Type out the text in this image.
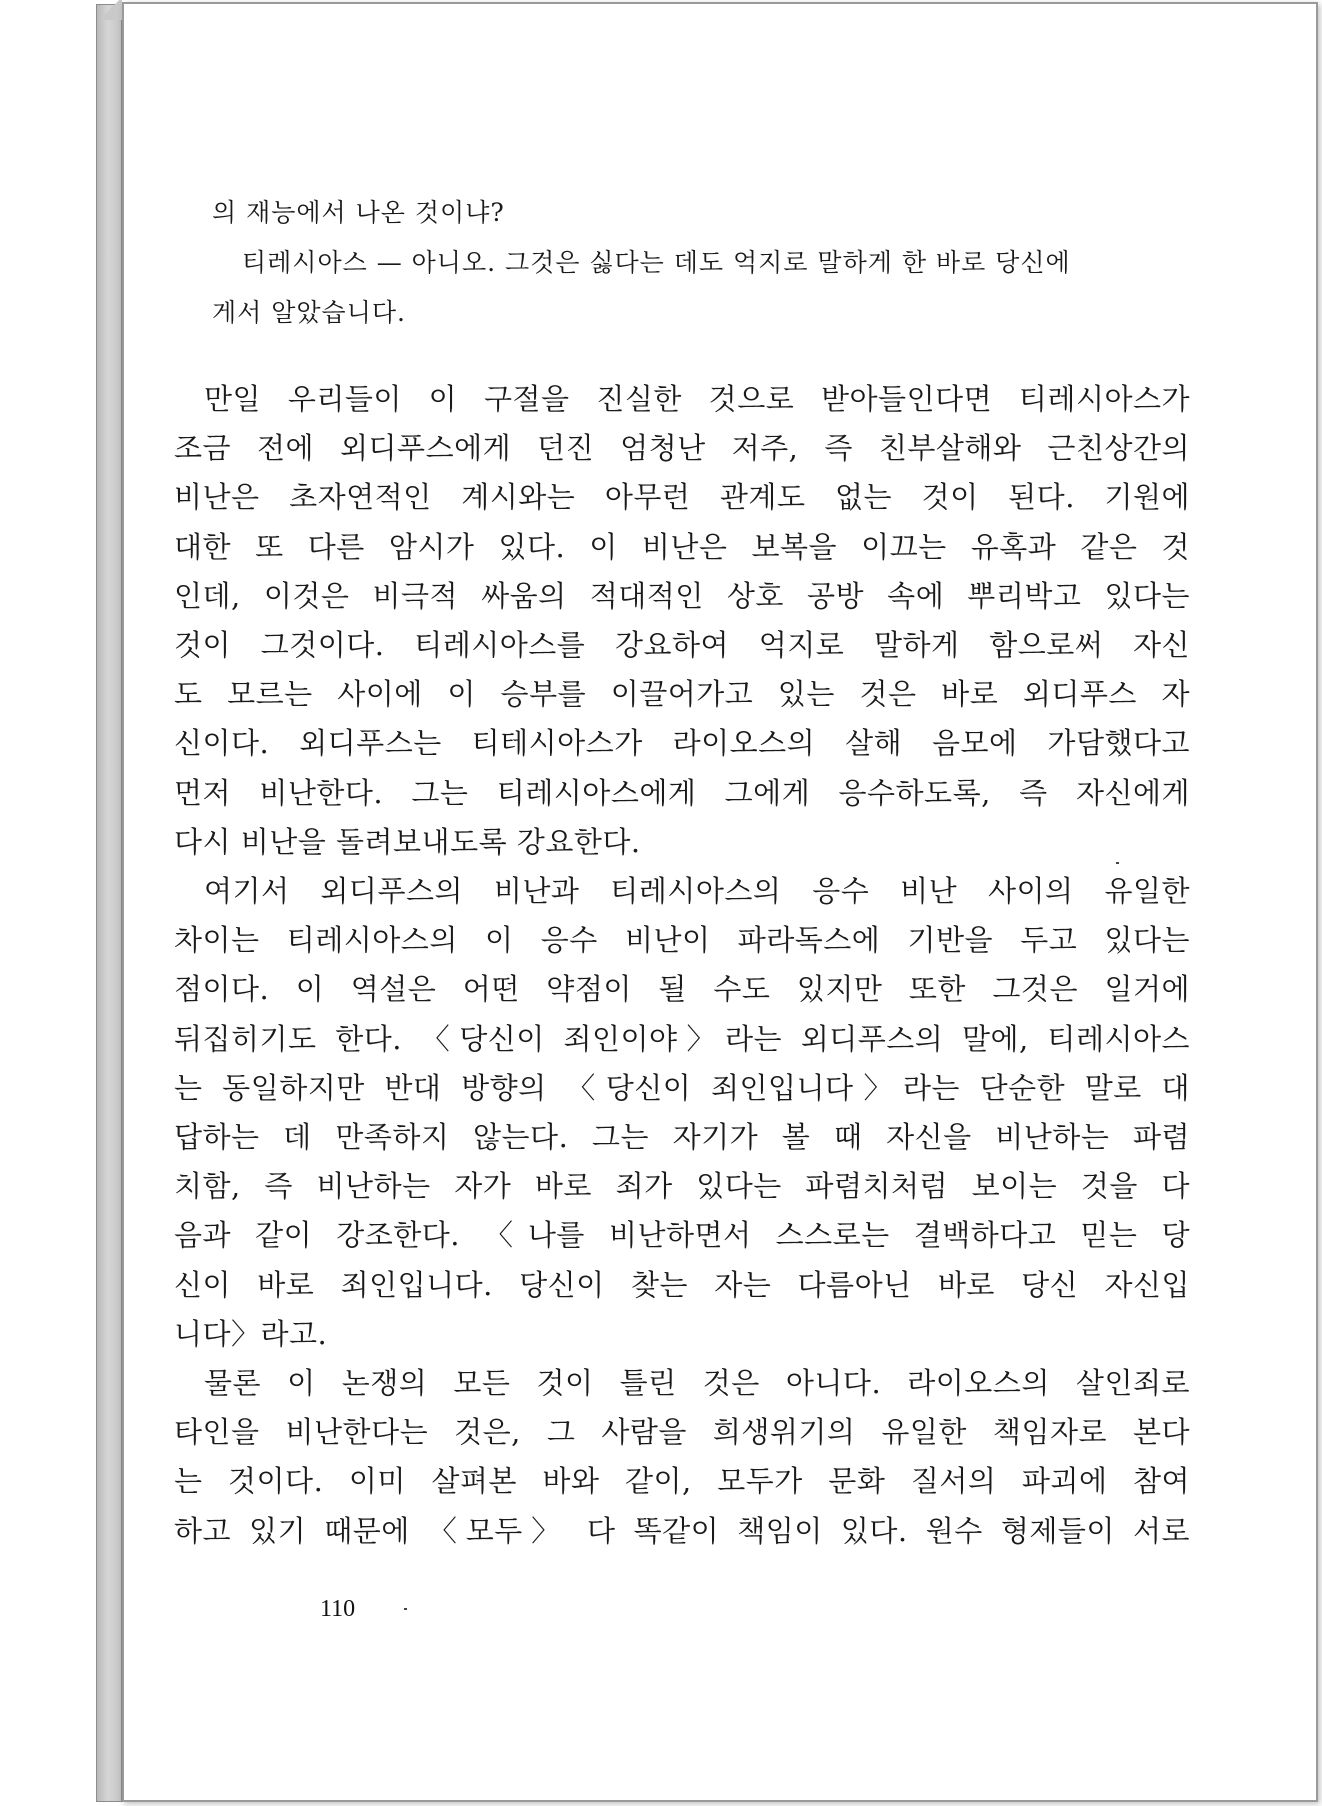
의 재능에서 나온 것이냐?
티레시아스 — 아니오. 그것은 싫다는 데도 억지로 말하게 한 바로 당신에
게서 알았습니다.
만일 우리들이 이 구절을 진실한 것으로 받아들인다면 티레시아스가
조금 전에 외디푸스에게 던진 엄청난 저주, 즉 친부살해와 근친상간의
비난은 초자연적인 계시와는 아무런 관계도 없는 것이 된다. 기원에
대한 또 다른 암시가 있다. 이 비난은 보복을 이끄는 유혹과 같은 것
인데, 이것은 비극적 싸움의 적대적인 상호 공방 속에 뿌리박고 있다는
것이 그것이다. 티레시아스를 강요하여 억지로 말하게 함으로써 자신
도 모르는 사이에 이 승부를 이끌어가고 있는 것은 바로 외디푸스 자
신이다. 외디푸스는 티테시아스가 라이오스의 살해 음모에 가담했다고
먼저 비난한다. 그는 티레시아스에게 그에게 응수하도록, 즉 자신에게
다시 비난을 돌려보내도록 강요한다.
여기서 외디푸스의 비난과 티레시아스의 응수 비난 사이의 유일한
차이는 티레시아스의 이 응수 비난이 파라독스에 기반을 두고 있다는
점이다. 이 역설은 어떤 약점이 될 수도 있지만 또한 그것은 일거에
뒤집히기도 한다. 〈당신이 죄인이야〉라는 외디푸스의 말에, 티레시아스
는 동일하지만 반대 방향의 〈당신이 죄인입니다〉라는 단순한 말로 대
답하는 데 만족하지 않는다. 그는 자기가 볼 때 자신을 비난하는 파렴
치함, 즉 비난하는 자가 바로 죄가 있다는 파렴치처럼 보이는 것을 다
음과 같이 강조한다. 〈나를 비난하면서 스스로는 결백하다고 믿는 당
신이 바로 죄인입니다. 당신이 찾는 자는 다름아닌 바로 당신 자신입
니다〉라고.
물론 이 논쟁의 모든 것이 틀린 것은 아니다. 라이오스의 살인죄로
타인을 비난한다는 것은, 그 사람을 희생위기의 유일한 책임자로 본다
는 것이다. 이미 살펴본 바와 같이, 모두가 문화 질서의 파괴에 참여
하고 있기 때문에 〈모두〉 다 똑같이 책임이 있다. 원수 형제들이 서로
110
